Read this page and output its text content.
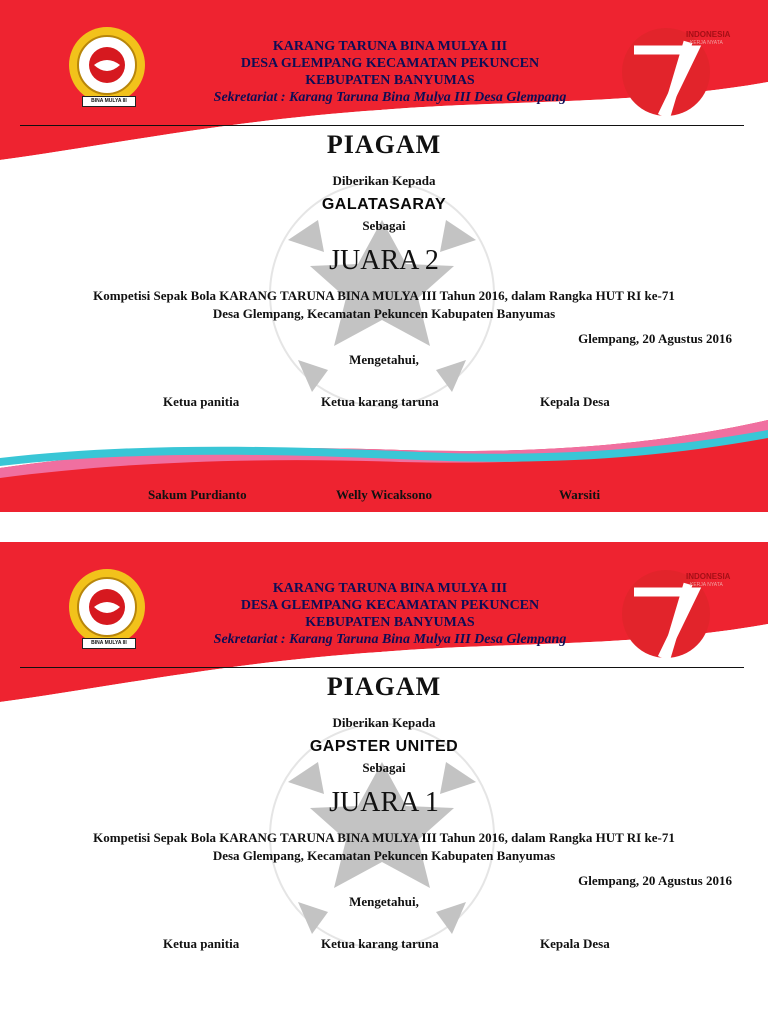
BINA MULYA III
INDONESIA
KERJA NYATA
TH
KARANG TARUNA BINA MULYA III
DESA GLEMPANG KECAMATAN PEKUNCEN
KEBUPATEN BANYUMAS
Sekretariat : Karang Taruna Bina Mulya III Desa Glempang
PIAGAM
Diberikan Kepada
GALATASARAY
Sebagai
JUARA 2
Kompetisi Sepak Bola KARANG TARUNA BINA MULYA III Tahun 2016, dalam Rangka HUT RI ke-71
Desa Glempang, Kecamatan Pekuncen Kabupaten Banyumas
Glempang, 20 Agustus 2016
Mengetahui,
Ketua panitia	Ketua karang taruna	Kepala Desa
Sakum Purdianto	Welly Wicaksono	Warsiti
BINA MULYA III
INDONESIA
KERJA NYATA
TH
KARANG TARUNA BINA MULYA III
DESA GLEMPANG KECAMATAN PEKUNCEN
KEBUPATEN BANYUMAS
Sekretariat : Karang Taruna Bina Mulya III Desa Glempang
PIAGAM
Diberikan Kepada
GAPSTER UNITED
Sebagai
JUARA 1
Kompetisi Sepak Bola KARANG TARUNA BINA MULYA III Tahun 2016, dalam Rangka HUT RI ke-71
Desa Glempang, Kecamatan Pekuncen Kabupaten Banyumas
Glempang, 20 Agustus 2016
Mengetahui,
Ketua panitia	Ketua karang taruna	Kepala Desa
